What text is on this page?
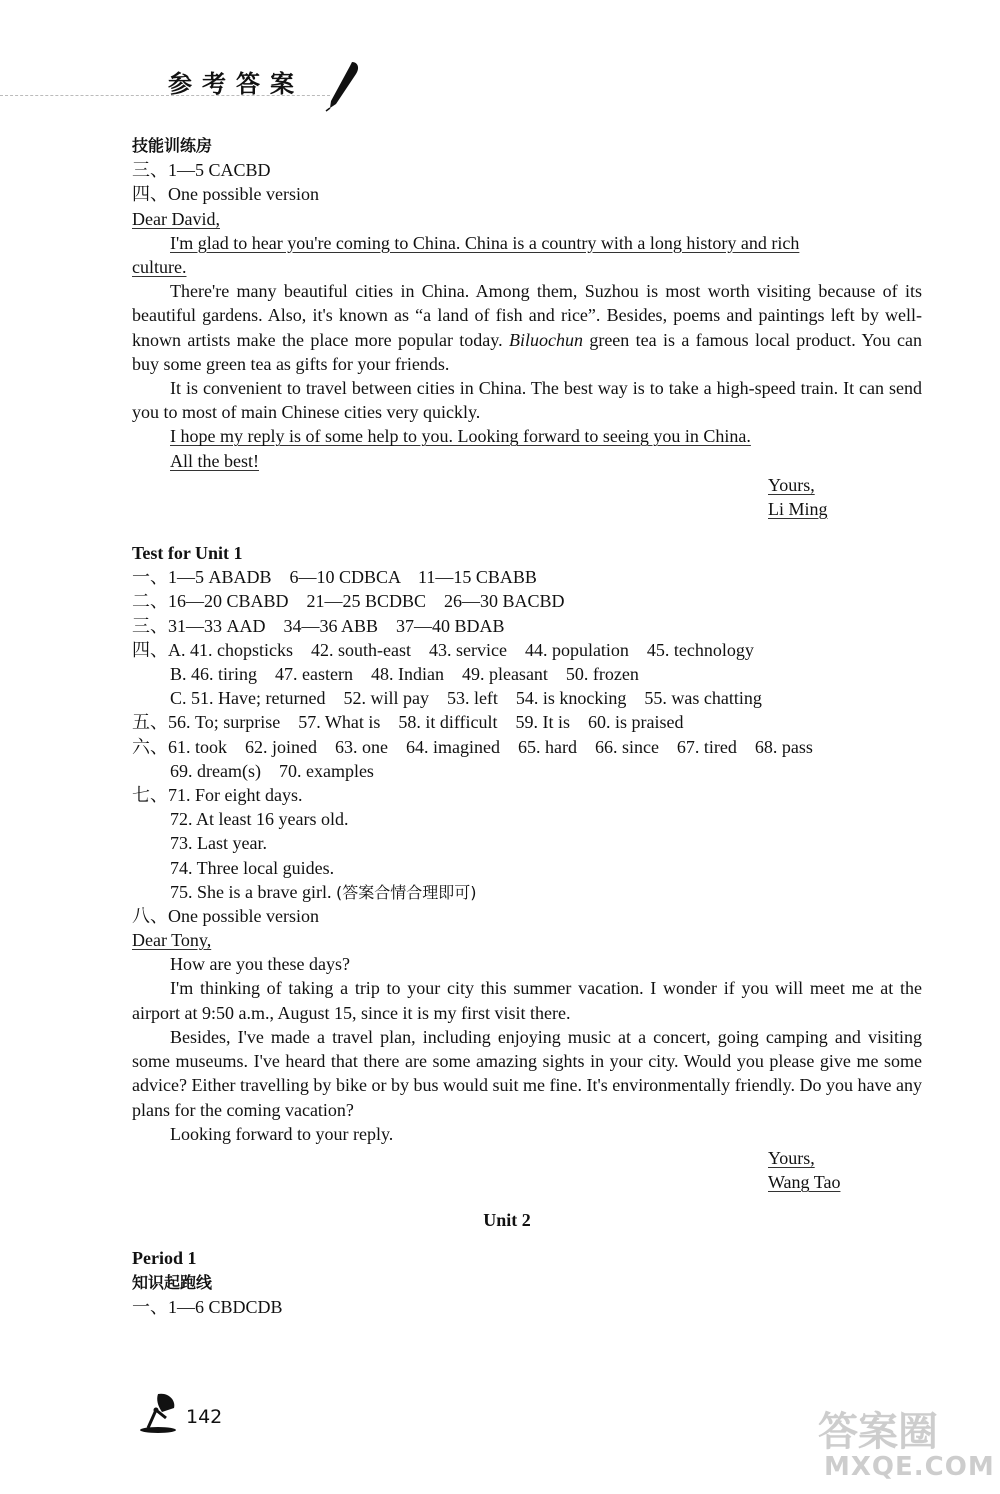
参考答案
技能训练房
三、1—5 CACBD
四、One possible version
Dear David,
I'm glad to hear you're coming to China. China is a country with a long history and rich
culture.
There're many beautiful cities in China. Among them, Suzhou is most worth visiting because of its beautiful gardens. Also, it's known as “a land of fish and rice”. Besides, poems and paintings left by well-known artists make the place more popular today. Biluochun green tea is a famous local product. You can buy some green tea as gifts for your friends.
It is convenient to travel between cities in China. The best way is to take a high-speed train. It can send you to most of main Chinese cities very quickly.
I hope my reply is of some help to you. Looking forward to seeing you in China.
All the best!
Yours,
Li Ming
Test for Unit 1
一、1—5 ABADB    6—10 CDBCA    11—15 CBABB
二、16—20 CBABD    21—25 BCDBC    26—30 BACBD
三、31—33 AAD    34—36 ABB    37—40 BDAB
四、A. 41. chopsticks    42. south-east    43. service    44. population    45. technology
B. 46. tiring    47. eastern    48. Indian    49. pleasant    50. frozen
C. 51. Have; returned    52. will pay    53. left    54. is knocking    55. was chatting
五、56. To; surprise    57. What is    58. it difficult    59. It is    60. is praised
六、61. took    62. joined    63. one    64. imagined    65. hard    66. since    67. tired    68. pass
69. dream(s)    70. examples
七、71. For eight days.
72. At least 16 years old.
73. Last year.
74. Three local guides.
75. She is a brave girl. (答案合情合理即可)
八、One possible version
Dear Tony,
How are you these days?
I'm thinking of taking a trip to your city this summer vacation. I wonder if you will meet me at the airport at 9:50 a.m., August 15, since it is my first visit there.
Besides, I've made a travel plan, including enjoying music at a concert, going camping and visiting some museums. I've heard that there are some amazing sights in your city. Would you please give me some advice? Either travelling by bike or by bus would suit me fine. It's environmentally friendly. Do you have any plans for the coming vacation?
Looking forward to your reply.
Yours,
Wang Tao
Unit 2
Period 1
知识起跑线
一、1—6 CBDCDB
142	答案圈
MXQE.COM
